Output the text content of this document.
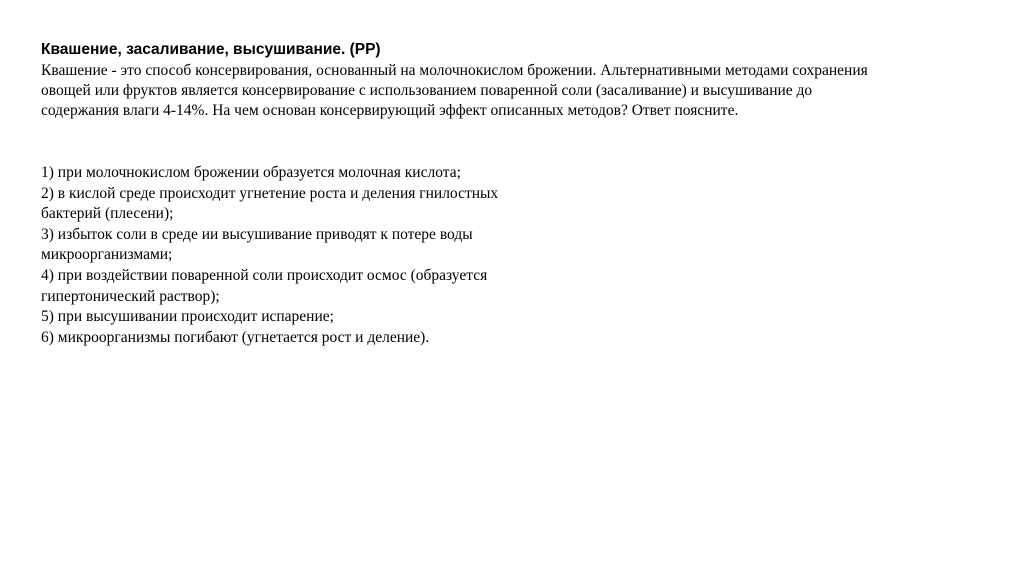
Квашение, засаливание, высушивание. (РР)
Квашение - это способ консервирования, основанный на молочнокислом брожении. Альтернативными методами сохранения
овощей или фруктов является консервирование с использованием поваренной соли (засаливание) и высушивание до
содержания влаги 4-14%. На чем основан консервирующий эффект описанных методов? Ответ поясните.
1) при молочнокислом брожении образуется молочная кислота;
2) в кислой среде происходит угнетение роста и деления гнилостных
бактерий (плесени);
3) избыток соли в среде ии высушивание приводят к потере воды
микроорганизмами;
4) при воздействии поваренной соли происходит осмос (образуется
гипертонический раствор);
5) при высушивании происходит испарение;
6) микроорганизмы погибают (угнетается рост и деление).
